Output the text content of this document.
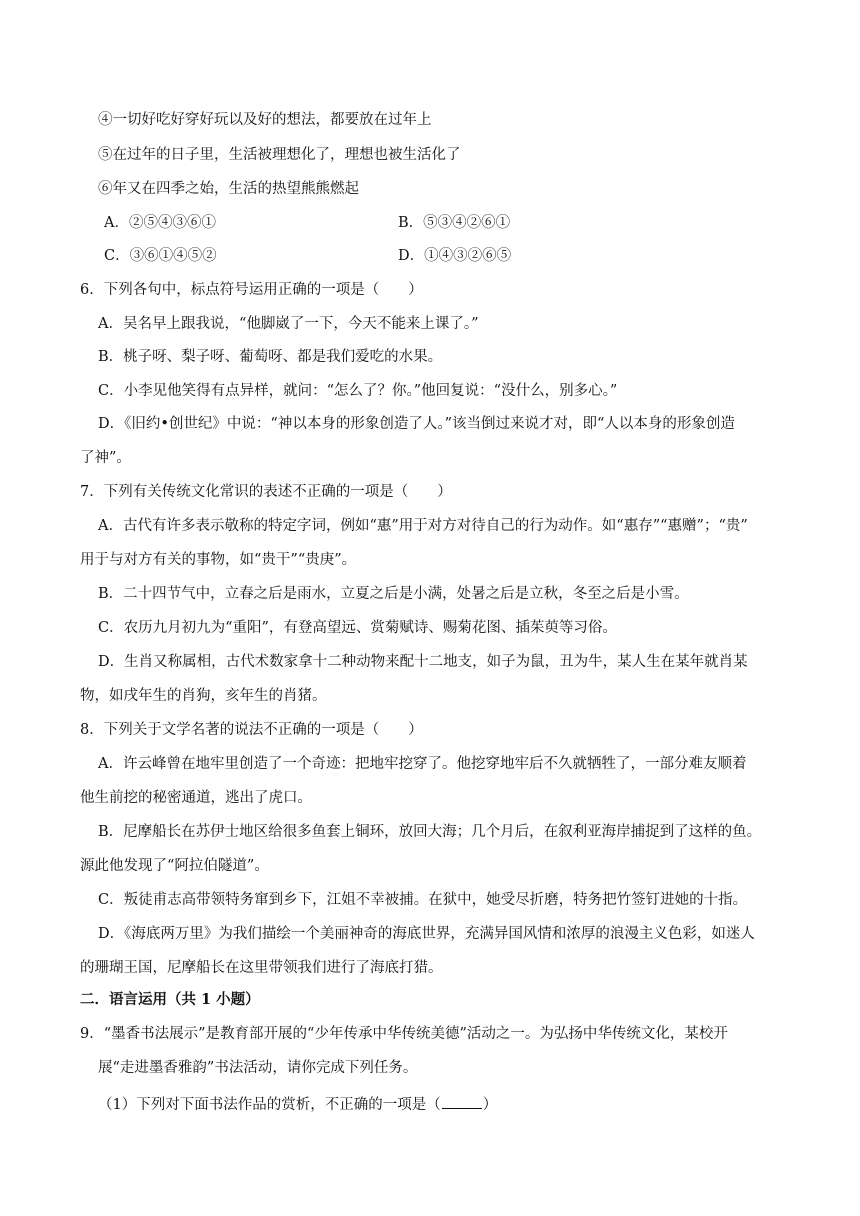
④一切好吃好穿好玩以及好的想法，都要放在过年上
⑤在过年的日子里，生活被理想化了，理想也被生活化了
⑥年又在四季之始，生活的热望熊熊燃起
A．②⑤④③⑥①	B．⑤③④②⑥①
C．③⑥①④⑤②	D．①④③②⑥⑤
6．下列各句中，标点符号运用正确的一项是（　　）
A．吴名早上跟我说，“他脚崴了一下，今天不能来上课了。”
B．桃子呀、梨子呀、葡萄呀、都是我们爱吃的水果。
C．小李见他笑得有点异样，就问：“怎么了？你。”他回复说：“没什么，别多心。”
D．《旧约•创世纪》中说：“神以本身的形象创造了人。”该当倒过来说才对，即“人以本身的形象创造
了神”。
7．下列有关传统文化常识的表述不正确的一项是（　　）
A．古代有许多表示敬称的特定字词，例如“惠”用于对方对待自己的行为动作。如“惠存”“惠赠”；“贵”
用于与对方有关的事物，如“贵干”“贵庚”。
B．二十四节气中，立春之后是雨水，立夏之后是小满，处暑之后是立秋，冬至之后是小雪。
C．农历九月初九为“重阳”，有登高望远、赏菊赋诗、赐菊花图、插茱萸等习俗。
D．生肖又称属相，古代术数家拿十二种动物来配十二地支，如子为鼠，丑为牛，某人生在某年就肖某
物，如戌年生的肖狗，亥年生的肖猪。
8．下列关于文学名著的说法不正确的一项是（　　）
A．许云峰曾在地牢里创造了一个奇迹：把地牢挖穿了。他挖穿地牢后不久就牺牲了，一部分难友顺着
他生前挖的秘密通道，逃出了虎口。
B．尼摩船长在苏伊士地区给很多鱼套上铜环，放回大海；几个月后，在叙利亚海岸捕捉到了这样的鱼。
源此他发现了“阿拉伯隧道”。
C．叛徒甫志高带领特务窜到乡下，江姐不幸被捕。在狱中，她受尽折磨，特务把竹签钉进她的十指。
D．《海底两万里》为我们描绘一个美丽神奇的海底世界，充满异国风情和浓厚的浪漫主义色彩，如迷人
的珊瑚王国，尼摩船长在这里带领我们进行了海底打猎。
二．语言运用（共 1 小题）
9．“墨香书法展示”是教育部开展的“少年传承中华传统美德”活动之一。为弘扬中华传统文化，某校开
展“走进墨香雅韵”书法活动，请你完成下列任务。
（1）下列对下面书法作品的赏析，不正确的一项是（	）
